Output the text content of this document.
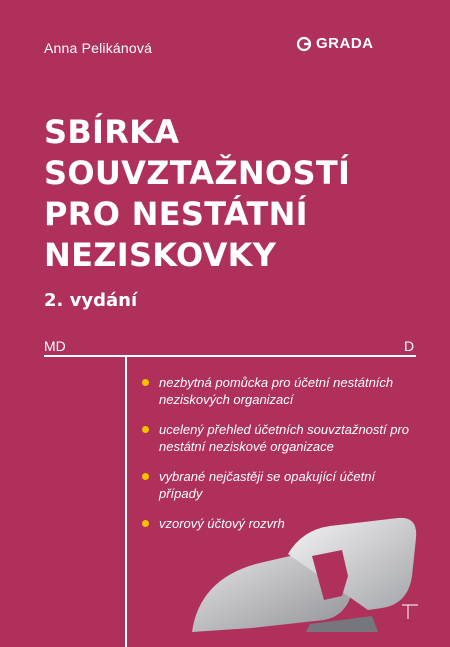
Anna Pelikánová	GRADA
SBÍRKA
SOUVZTAŽNOSTÍ
PRO NESTÁTNÍ
NEZISKOVKY
2. vydání
MD	D
nezbytná pomůcka pro účetní nestátních neziskových organizací
ucelený přehled účetních souvztažností pro nestátní neziskové organizace
vybrané nejčastěji se opakující účetní případy
vzorový účtový rozvrh
